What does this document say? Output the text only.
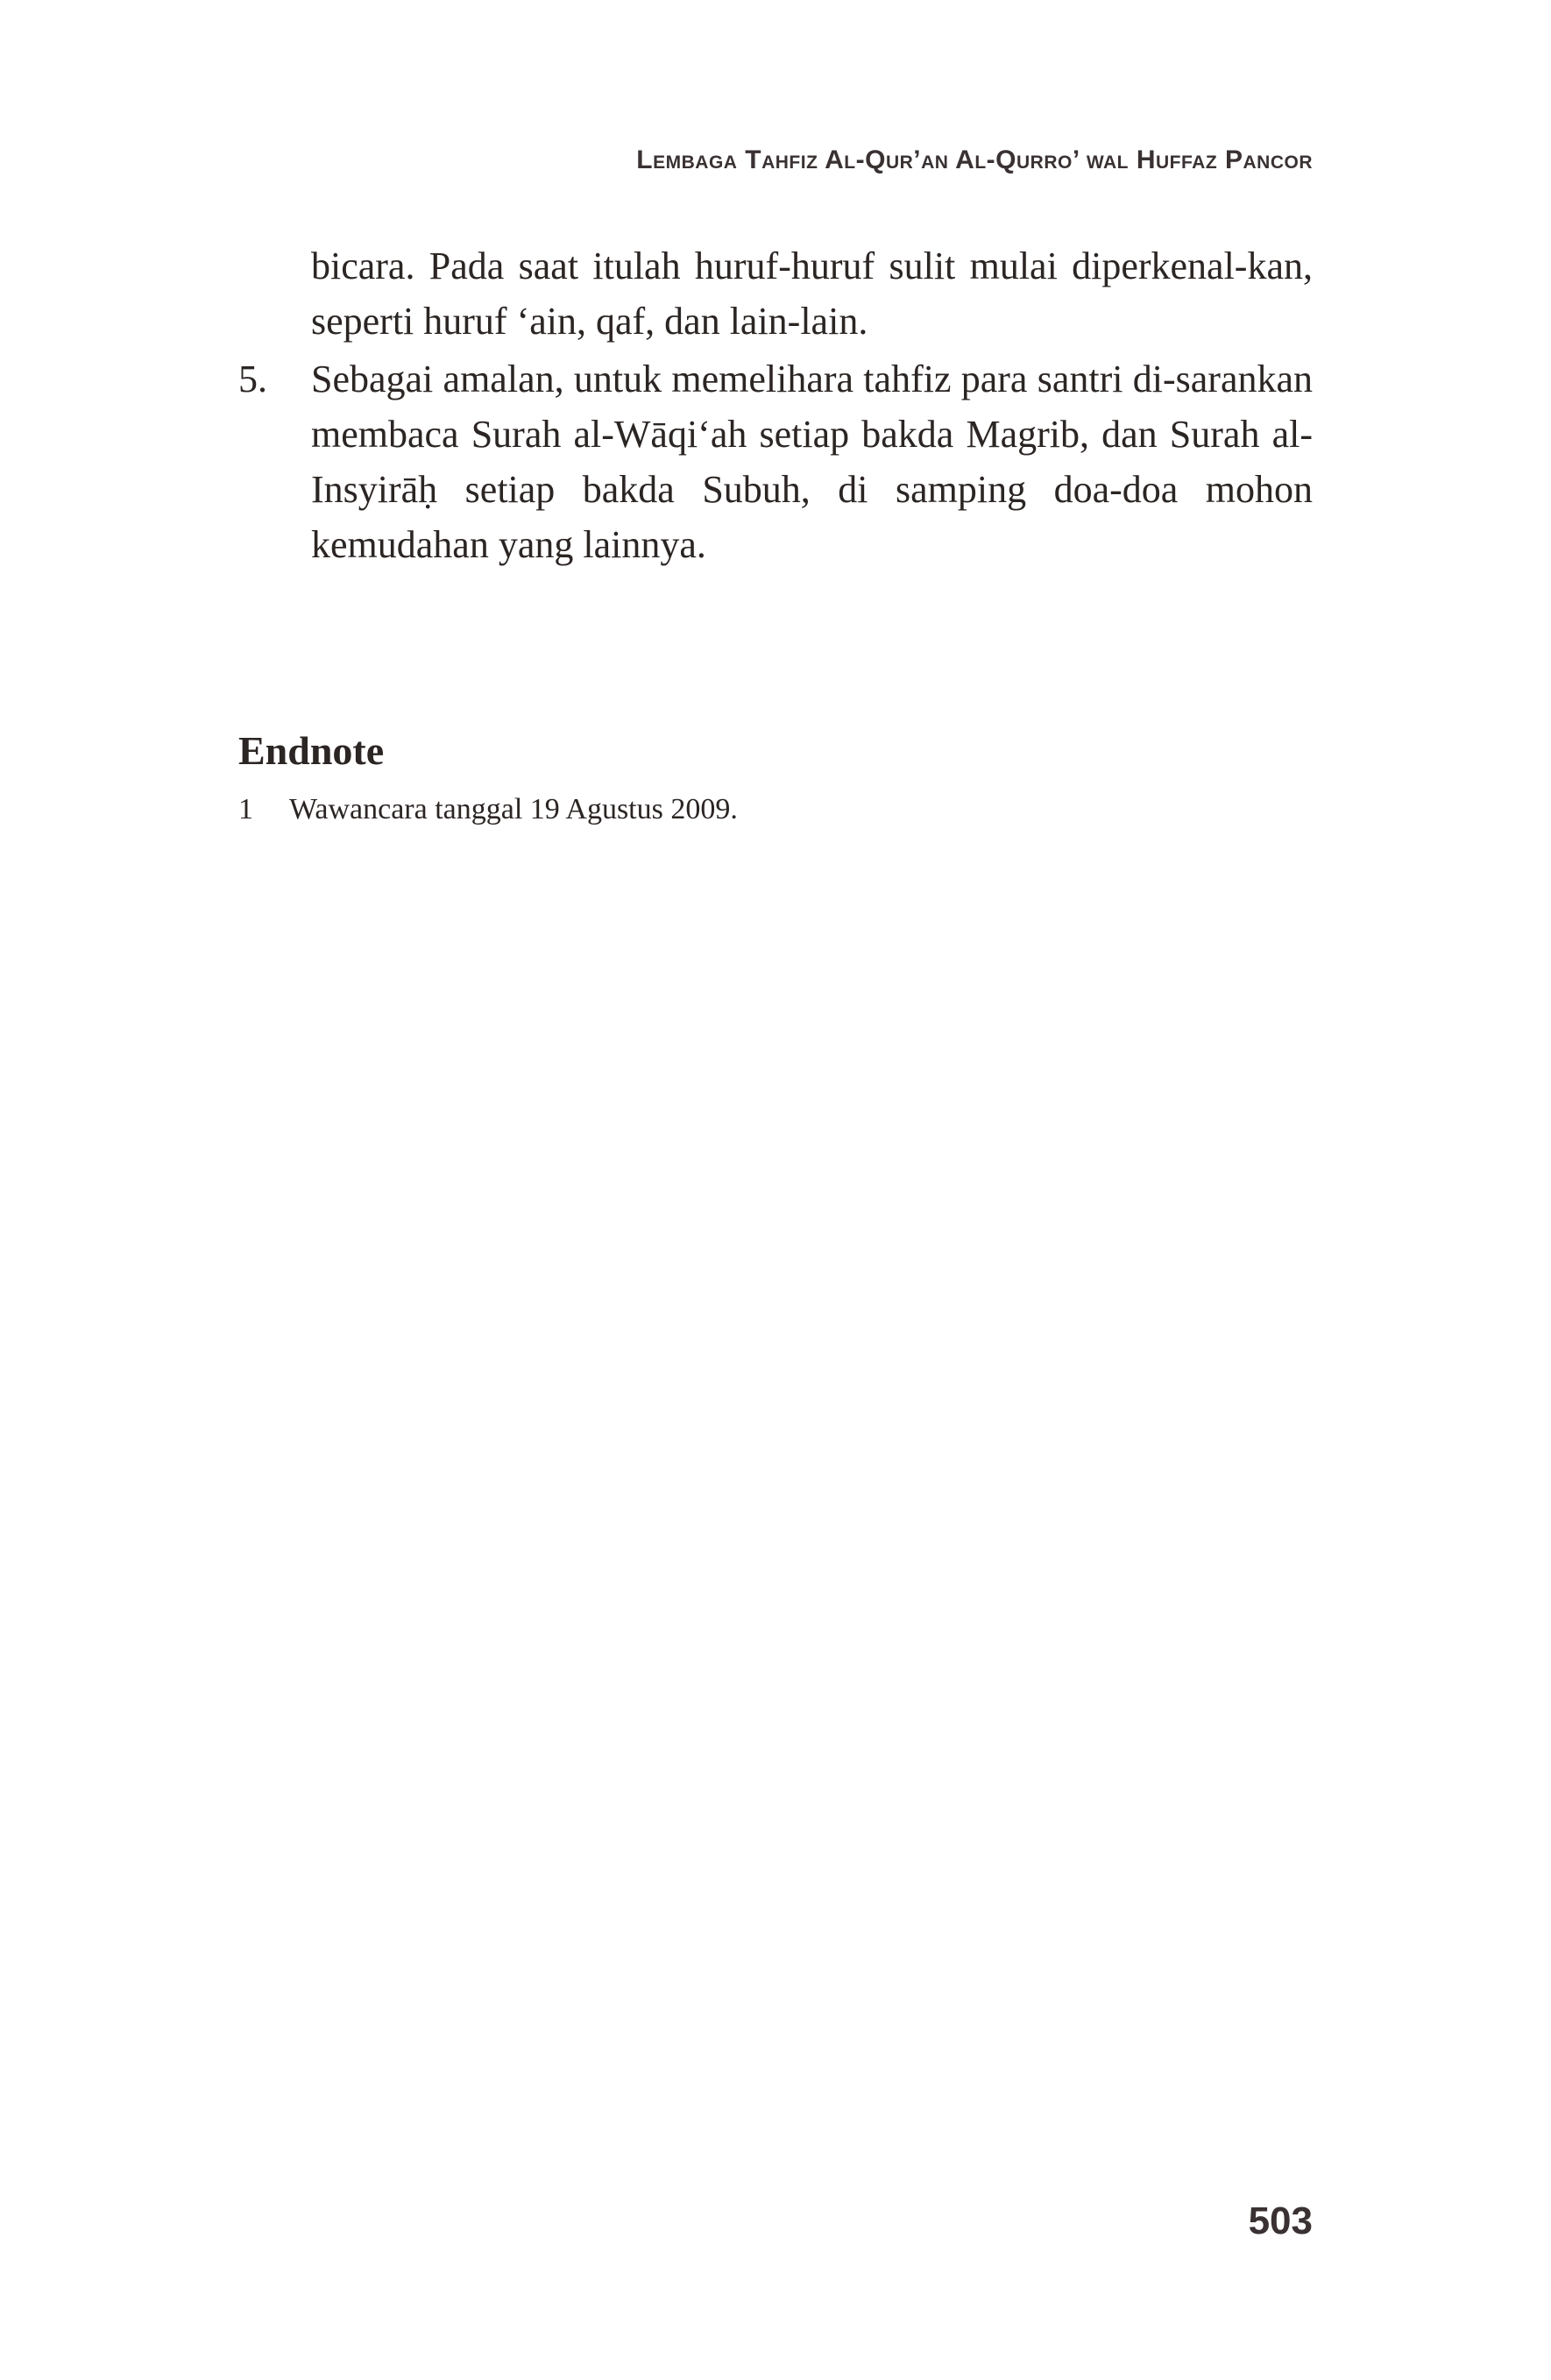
Lembaga Tahfiz Al-Qur’an Al-Qurro’ wal Huffaz Pancor

bicara. Pada saat itulah huruf-huruf sulit mulai diperkenal-kan, seperti huruf ‘ain, qaf, dan lain-lain.

5. Sebagai amalan, untuk memelihara tahfiz para santri di-sarankan membaca Surah al-Wāqi‘ah setiap bakda Magrib, dan Surah al-Insyirāḥ setiap bakda Subuh, di samping doa-doa mohon kemudahan yang lainnya.
Endnote
1 Wawancara tanggal 19 Agustus 2009.
503
